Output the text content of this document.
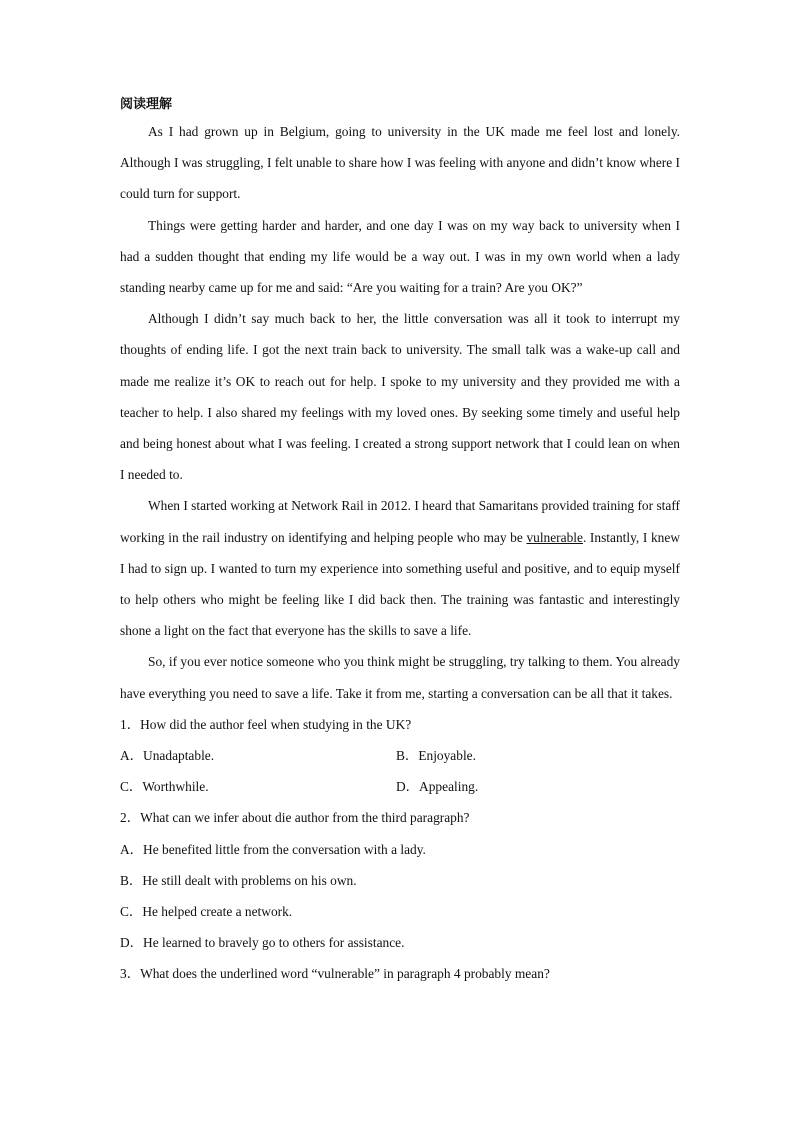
阅读理解

As I had grown up in Belgium, going to university in the UK made me feel lost and lonely. Although I was struggling, I felt unable to share how I was feeling with anyone and didn’t know where I could turn for support.

Things were getting harder and harder, and one day I was on my way back to university when I had a sudden thought that ending my life would be a way out. I was in my own world when a lady standing nearby came up for me and said: “Are you waiting for a train? Are you OK?”

Although I didn’t say much back to her, the little conversation was all it took to interrupt my thoughts of ending life. I got the next train back to university. The small talk was a wake-up call and made me realize it’s OK to reach out for help. I spoke to my university and they provided me with a teacher to help. I also shared my feelings with my loved ones. By seeking some timely and useful help and being honest about what I was feeling. I created a strong support network that I could lean on when I needed to.

When I started working at Network Rail in 2012. I heard that Samaritans provided training for staff working in the rail industry on identifying and helping people who may be vulnerable. Instantly, I knew I had to sign up. I wanted to turn my experience into something useful and positive, and to equip myself to help others who might be feeling like I did back then. The training was fantastic and interestingly shone a light on the fact that everyone has the skills to save a life.

So, if you ever notice someone who you think might be struggling, try talking to them. You already have everything you need to save a life. Take it from me, starting a conversation can be all that it takes.

1．How did the author feel when studying in the UK?
A．Unadaptable.	B．Enjoyable.
C．Worthwhile.	D．Appealing.
2．What can we infer about die author from the third paragraph?
A．He benefited little from the conversation with a lady.
B．He still dealt with problems on his own.
C．He helped create a network.
D．He learned to bravely go to others for assistance.
3．What does the underlined word “vulnerable” in paragraph 4 probably mean?
